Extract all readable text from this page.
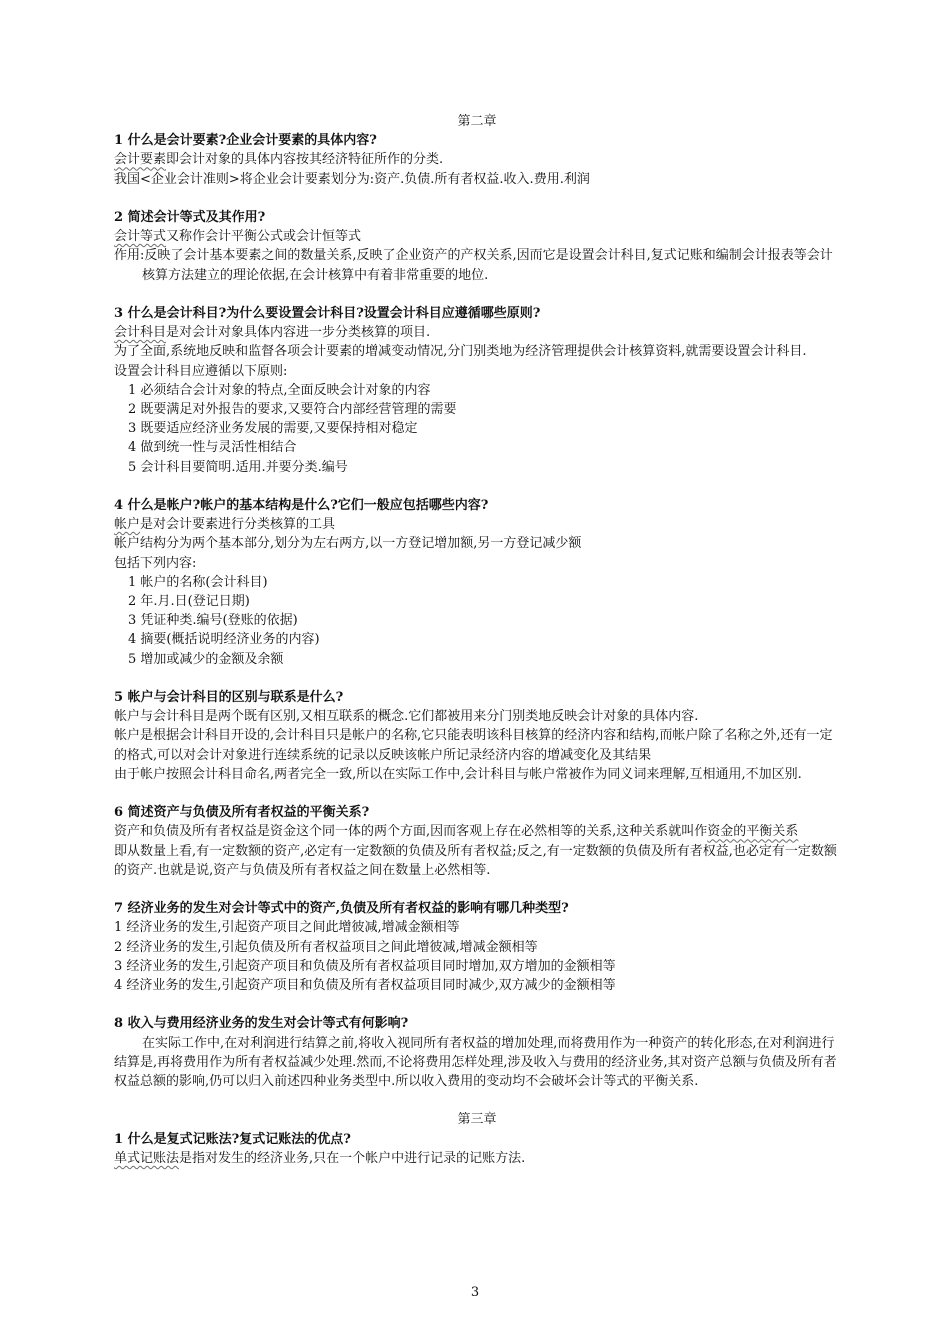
第二章
1 什么是会计要素?企业会计要素的具体内容?
会计要素即会计对象的具体内容按其经济特征所作的分类.
我国<企业会计准则>将企业会计要素划分为:资产.负债.所有者权益.收入.费用.利润
2 简述会计等式及其作用?
会计等式又称作会计平衡公式或会计恒等式
作用:反映了会计基本要素之间的数量关系,反映了企业资产的产权关系,因而它是设置会计科目,复式记账和编制会计报表等会计核算方法建立的理论依据,在会计核算中有着非常重要的地位.
3 什么是会计科目?为什么要设置会计科目?设置会计科目应遵循哪些原则?
会计科目是对会计对象具体内容进一步分类核算的项目.
为了全面,系统地反映和监督各项会计要素的增减变动情况,分门别类地为经济管理提供会计核算资料,就需要设置会计科目.
设置会计科目应遵循以下原则:
1 必须结合会计对象的特点,全面反映会计对象的内容
2 既要满足对外报告的要求,又要符合内部经营管理的需要
3 既要适应经济业务发展的需要,又要保持相对稳定
4 做到统一性与灵活性相结合
5 会计科目要简明.适用.并要分类.编号
4 什么是帐户?帐户的基本结构是什么?它们一般应包括哪些内容?
帐户是对会计要素进行分类核算的工具
帐户结构分为两个基本部分,划分为左右两方,以一方登记增加额,另一方登记减少额
包括下列内容:
1 帐户的名称(会计科目)
2 年.月.日(登记日期)
3 凭证种类.编号(登账的依据)
4 摘要(概括说明经济业务的内容)
5 增加或减少的金额及余额
5 帐户与会计科目的区别与联系是什么?
帐户与会计科目是两个既有区别,又相互联系的概念.它们都被用来分门别类地反映会计对象的具体内容.
帐户是根据会计科目开设的,会计科目只是帐户的名称,它只能表明该科目核算的经济内容和结构,而帐户除了名称之外,还有一定的格式,可以对会计对象进行连续系统的记录以反映该帐户所记录经济内容的增减变化及其结果
由于帐户按照会计科目命名,两者完全一致,所以在实际工作中,会计科目与帐户常被作为同义词来理解,互相通用,不加区别.
6 简述资产与负债及所有者权益的平衡关系?
资产和负债及所有者权益是资金这个同一体的两个方面,因而客观上存在必然相等的关系,这种关系就叫作资金的平衡关系
即从数量上看,有一定数额的资产,必定有一定数额的负债及所有者权益;反之,有一定数额的负债及所有者权益,也必定有一定数额的资产.也就是说,资产与负债及所有者权益之间在数量上必然相等.
7 经济业务的发生对会计等式中的资产,负债及所有者权益的影响有哪几种类型?
1 经济业务的发生,引起资产项目之间此增彼减,增减金额相等
2 经济业务的发生,引起负债及所有者权益项目之间此增彼减,增减金额相等
3 经济业务的发生,引起资产项目和负债及所有者权益项目同时增加,双方增加的金额相等
4 经济业务的发生,引起资产项目和负债及所有者权益项目同时减少,双方减少的金额相等
8 收入与费用经济业务的发生对会计等式有何影响?
在实际工作中,在对利润进行结算之前,将收入视同所有者权益的增加处理,而将费用作为一种资产的转化形态,在对利润进行结算是,再将费用作为所有者权益减少处理.然而,不论将费用怎样处理,涉及收入与费用的经济业务,其对资产总额与负债及所有者权益总额的影响,仍可以归入前述四种业务类型中.所以收入费用的变动均不会破坏会计等式的平衡关系.
第三章
1 什么是复式记账法?复式记账法的优点?
单式记账法是指对发生的经济业务,只在一个帐户中进行记录的记账方法.
3
